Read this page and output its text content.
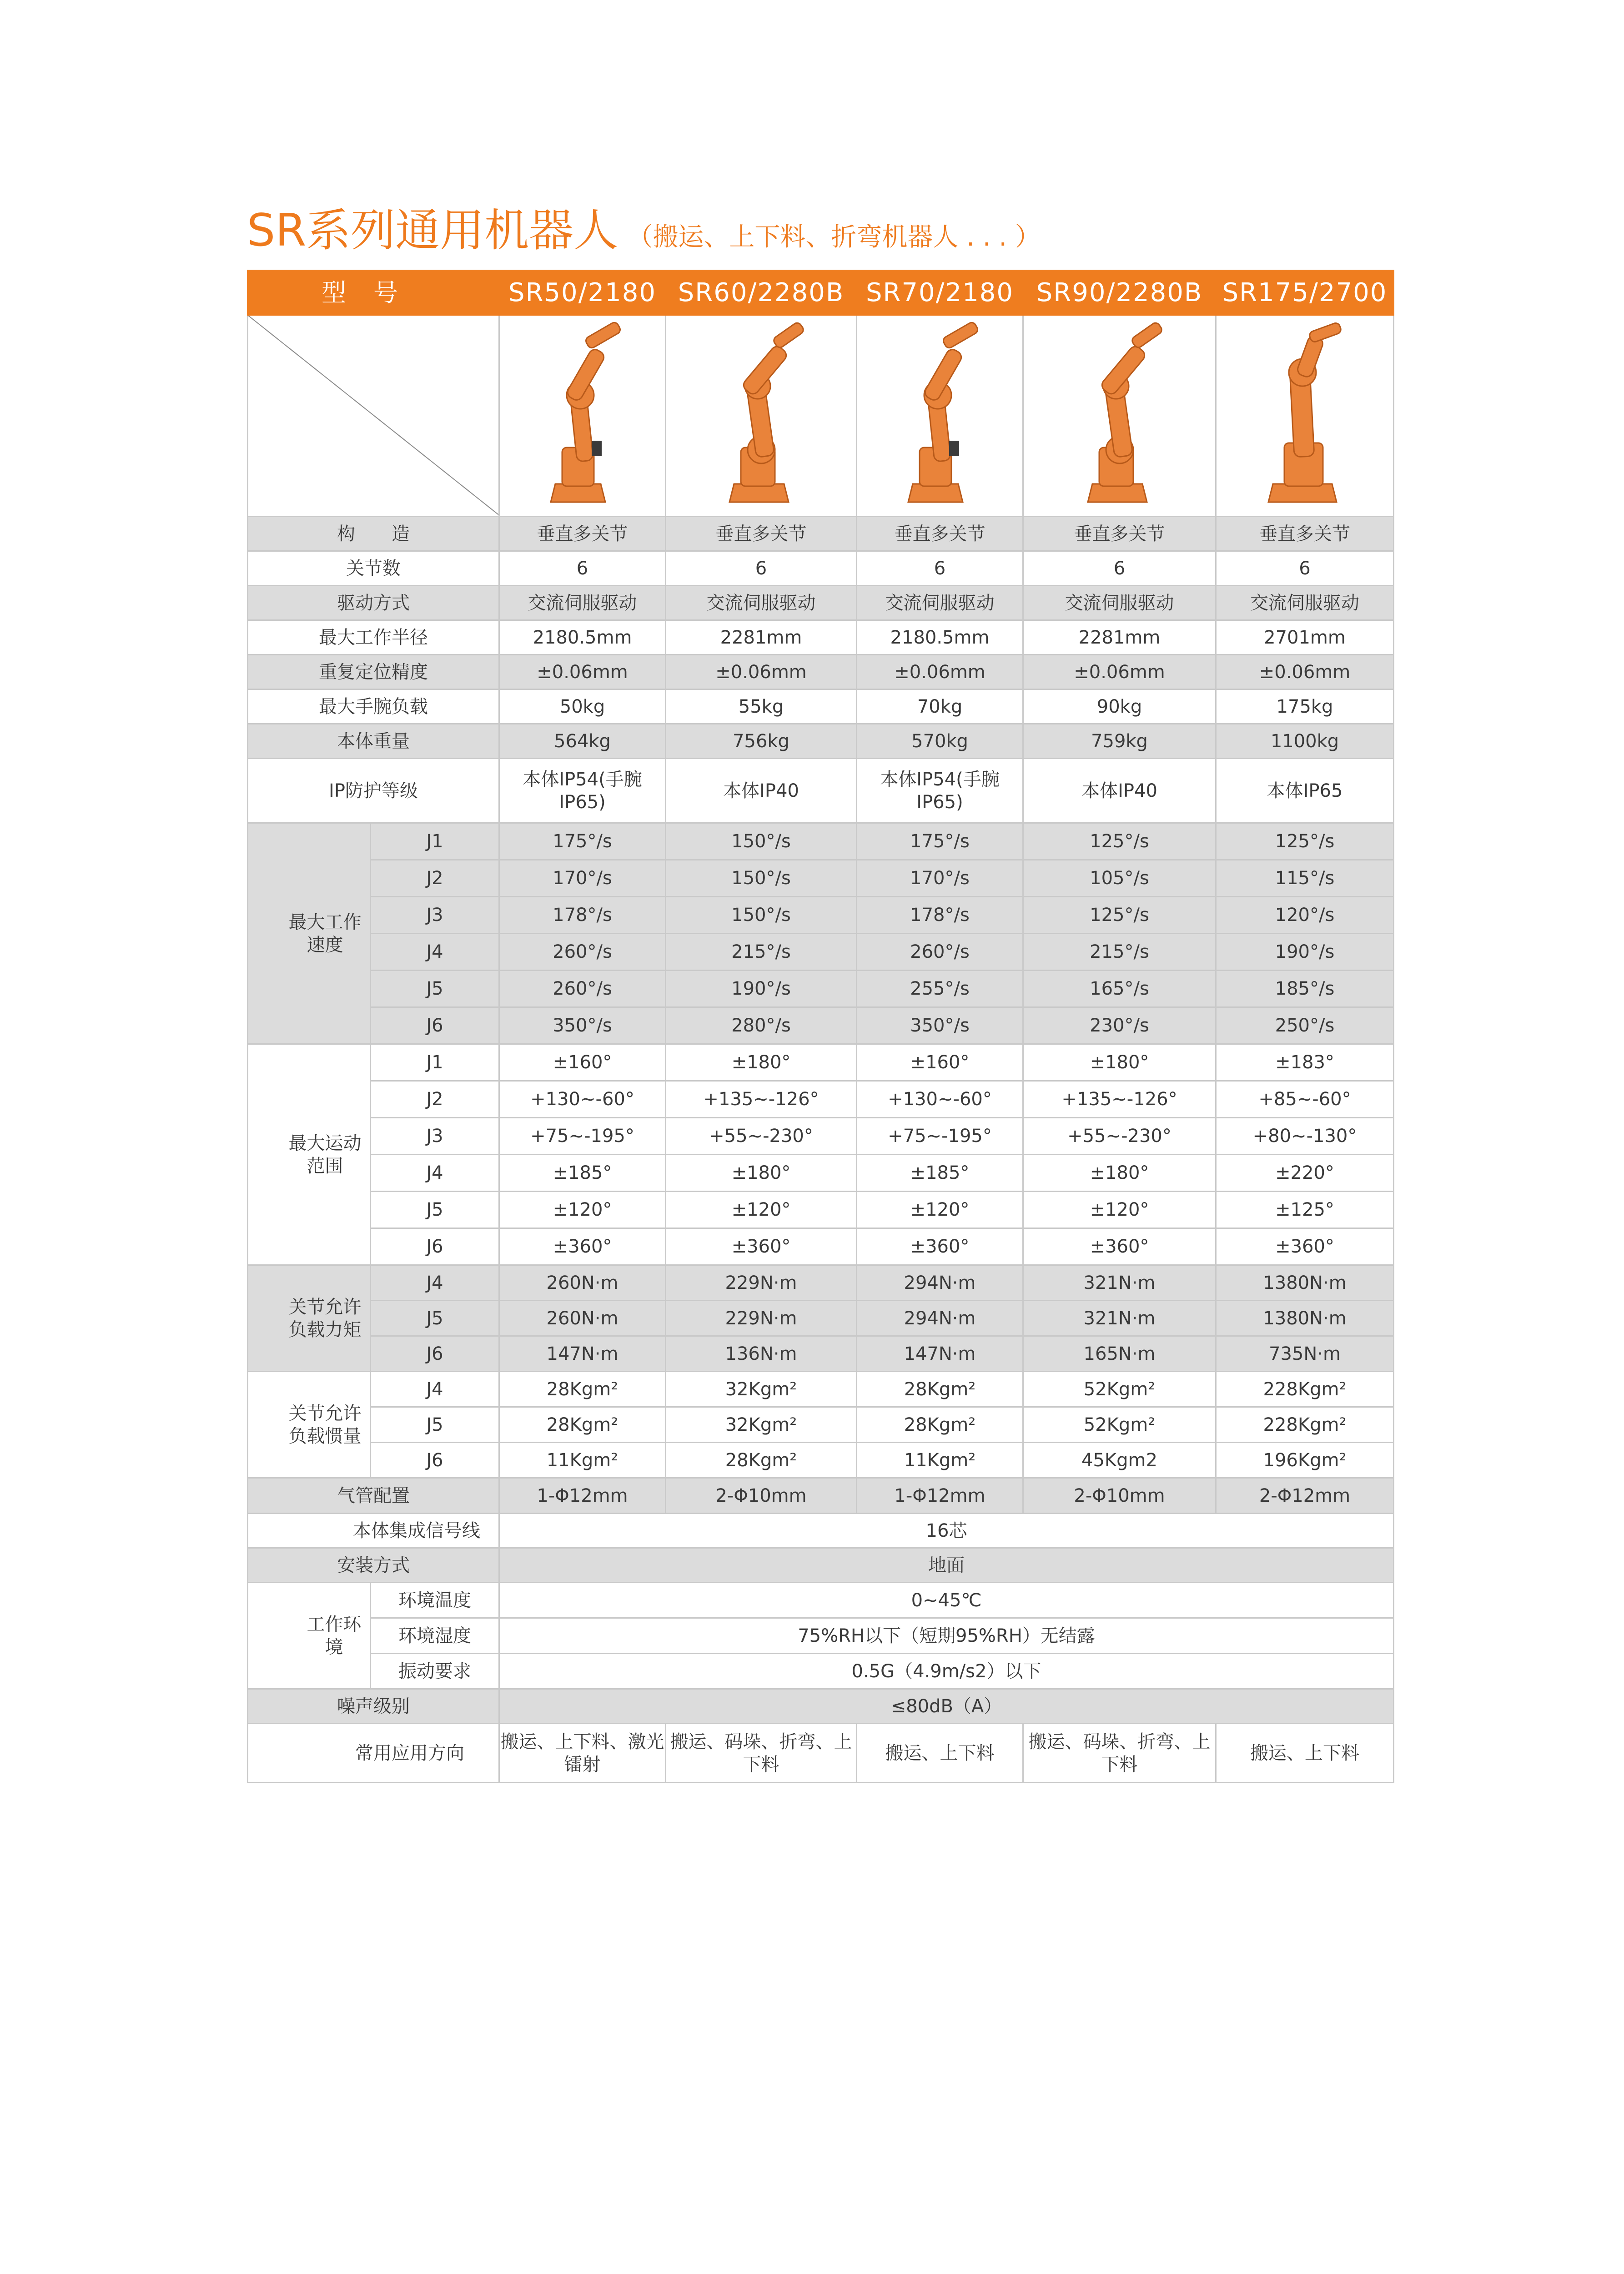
SR系列通用机器人 （搬运、上下料、折弯机器人 . . . ）
型号		SR50/2180	SR60/2280B	SR70/2180	SR90/2280B	SR175/2700

构　　造		垂直多关节	垂直多关节	垂直多关节	垂直多关节	垂直多关节
关节数		6	6	6	6	6
驱动方式		交流伺服驱动	交流伺服驱动	交流伺服驱动	交流伺服驱动	交流伺服驱动
最大工作半径		2180.5mm	2281mm	2180.5mm	2281mm	2701mm
重复定位精度		±0.06mm	±0.06mm	±0.06mm	±0.06mm	±0.06mm
最大手腕负载		50kg	55kg	70kg	90kg	175kg
本体重量		564kg	756kg	570kg	759kg	1100kg
IP防护等级		本体IP54(手腕IP65)	本体IP40	本体IP54(手腕IP65)	本体IP40	本体IP65
最大工作速度	J1	175°/s	150°/s	175°/s	125°/s	125°/s
	J2	170°/s	150°/s	170°/s	105°/s	115°/s
	J3	178°/s	150°/s	178°/s	125°/s	120°/s
	J4	260°/s	215°/s	260°/s	215°/s	190°/s
	J5	260°/s	190°/s	255°/s	165°/s	185°/s
	J6	350°/s	280°/s	350°/s	230°/s	250°/s
最大运动范围	J1	±160°	±180°	±160°	±180°	±183°
	J2	+130~-60°	+135~-126°	+130~-60°	+135~-126°	+85~-60°
	J3	+75~-195°	+55~-230°	+75~-195°	+55~-230°	+80~-130°
	J4	±185°	±180°	±185°	±180°	±220°
	J5	±120°	±120°	±120°	±120°	±125°
	J6	±360°	±360°	±360°	±360°	±360°
关节允许负载力矩	J4	260N·m	229N·m	294N·m	321N·m	1380N·m
	J5	260N·m	229N·m	294N·m	321N·m	1380N·m
	J6	147N·m	136N·m	147N·m	165N·m	735N·m
关节允许负载惯量	J4	28Kgm²	32Kgm²	28Kgm²	52Kgm²	228Kgm²
	J5	28Kgm²	32Kgm²	28Kgm²	52Kgm²	228Kgm²
	J6	11Kgm²	28Kgm²	11Kgm²	45Kgm2	196Kgm²
气管配置		1-Φ12mm	2-Φ10mm	1-Φ12mm	2-Φ10mm	2-Φ12mm
本体集成信号线		16芯				
安装方式		地面				
工作环境	环境温度	0~45℃				
	环境湿度	75%RH以下（短期95%RH）无结露				
	振动要求	0.5G（4.9m/s2）以下				
噪声级别		≤80dB（A）				
常用应用方向		搬运、上下料、激光镭射	搬运、码垛、折弯、上下料	搬运、上下料	搬运、码垛、折弯、上下料	搬运、上下料
